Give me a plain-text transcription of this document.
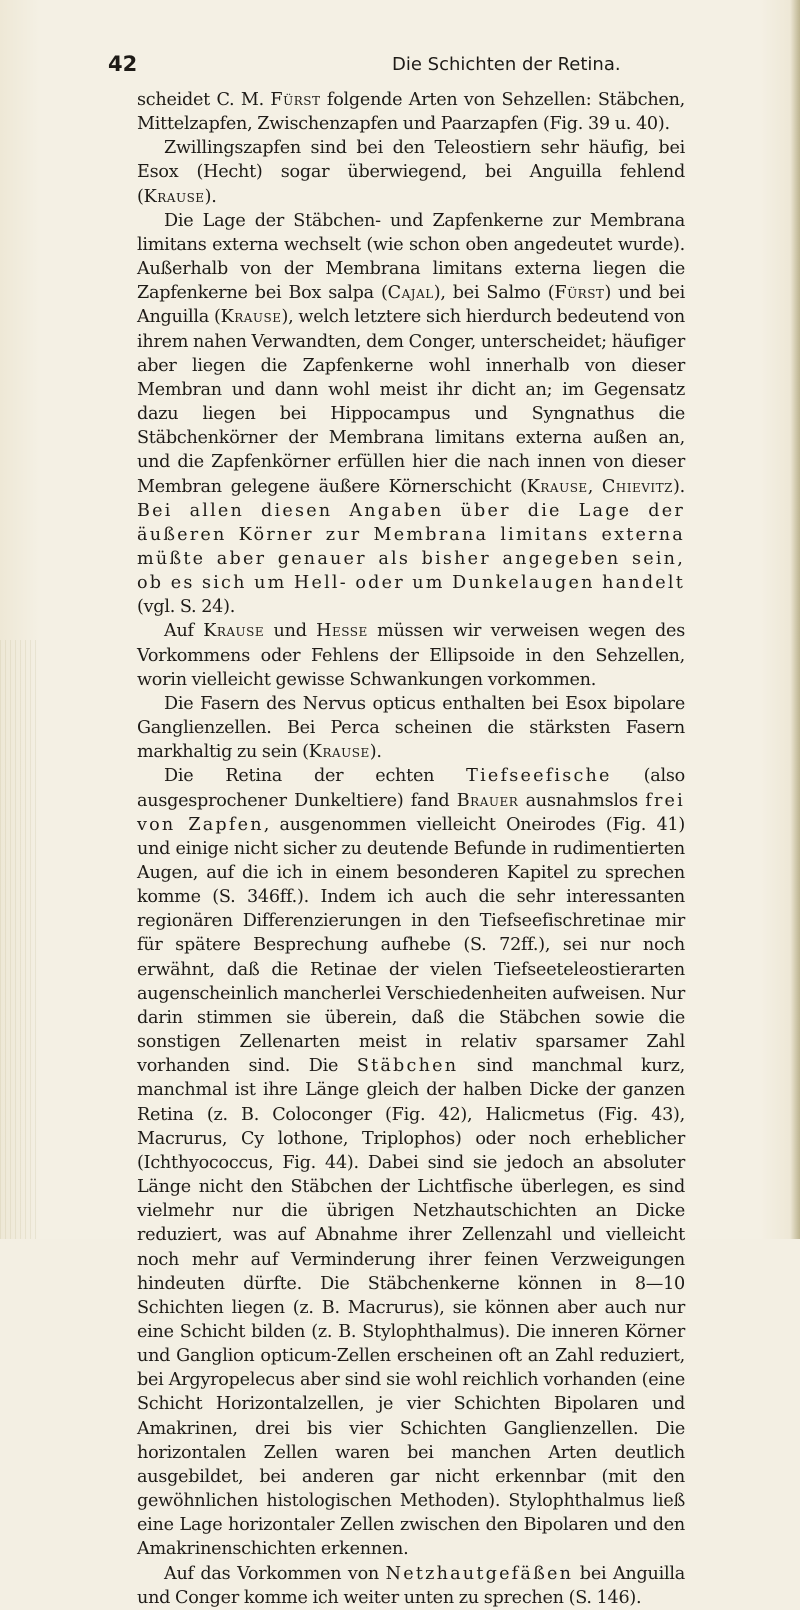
42	Die Schichten der Retina.

scheidet C. M. Fürst folgende Arten von Sehzellen: Stäbchen, Mittelzapfen, Zwischenzapfen und Paarzapfen (Fig. 39 u. 40).

Zwillingszapfen sind bei den Teleostiern sehr häufig, bei Esox (Hecht) sogar überwiegend, bei Anguilla fehlend (Krause).

Die Lage der Stäbchen- und Zapfenkerne zur Membrana limitans externa wechselt (wie schon oben angedeutet wurde). Außerhalb von der Membrana limitans externa liegen die Zapfenkerne bei Box salpa (Cajal), bei Salmo (Fürst) und bei Anguilla (Krause), welch letztere sich hierdurch bedeutend von ihrem nahen Verwandten, dem Conger, unterscheidet; häufiger aber liegen die Zapfenkerne wohl innerhalb von dieser Membran und dann wohl meist ihr dicht an; im Gegensatz dazu liegen bei Hippocampus und Syngnathus die Stäbchenkörner der Membrana limitans externa außen an, und die Zapfenkörner erfüllen hier die nach innen von dieser Membran gelegene äußere Körnerschicht (Krause, Chievitz). Bei allen diesen Angaben über die Lage der äußeren Körner zur Membrana limitans externa müßte aber genauer als bisher angegeben sein, ob es sich um Hell- oder um Dunkelaugen handelt (vgl. S. 24).

Auf Krause und Hesse müssen wir verweisen wegen des Vorkommens oder Fehlens der Ellipsoide in den Sehzellen, worin vielleicht gewisse Schwankungen vorkommen.

Die Fasern des Nervus opticus enthalten bei Esox bipolare Ganglienzellen. Bei Perca scheinen die stärksten Fasern markhaltig zu sein (Krause).

Die Retina der echten Tiefseefische (also ausgesprochener Dunkeltiere) fand Brauer ausnahmslos frei von Zapfen, ausgenommen vielleicht Oneirodes (Fig. 41) und einige nicht sicher zu deutende Befunde in rudimentierten Augen, auf die ich in einem besonderen Kapitel zu sprechen komme (S. 346ff.). Indem ich auch die sehr interessanten regionären Differenzierungen in den Tiefseefischretinae mir für spätere Besprechung aufhebe (S. 72ff.), sei nur noch erwähnt, daß die Retinae der vielen Tiefseeteleostierarten augenscheinlich mancherlei Verschiedenheiten aufweisen. Nur darin stimmen sie überein, daß die Stäbchen sowie die sonstigen Zellenarten meist in relativ sparsamer Zahl vorhanden sind. Die Stäbchen sind manchmal kurz, manchmal ist ihre Länge gleich der halben Dicke der ganzen Retina (z. B. Coloconger (Fig. 42), Halicmetus (Fig. 43), Macrurus, Cy lothone, Triplophos) oder noch erheblicher (Ichthyococcus, Fig. 44). Dabei sind sie jedoch an absoluter Länge nicht den Stäbchen der Lichtfische überlegen, es sind vielmehr nur die übrigen Netzhautschichten an Dicke reduziert, was auf Abnahme ihrer Zellenzahl und vielleicht noch mehr auf Verminderung ihrer feinen Verzweigungen hindeuten dürfte. Die Stäbchenkerne können in 8—10 Schichten liegen (z. B. Macrurus), sie können aber auch nur eine Schicht bilden (z. B. Stylophthalmus). Die inneren Körner und Ganglion opticum-Zellen erscheinen oft an Zahl reduziert, bei Argyropelecus aber sind sie wohl reichlich vorhanden (eine Schicht Horizontalzellen, je vier Schichten Bipolaren und Amakrinen, drei bis vier Schichten Ganglienzellen. Die horizontalen Zellen waren bei manchen Arten deutlich ausgebildet, bei anderen gar nicht erkennbar (mit den gewöhnlichen histologischen Methoden). Stylophthalmus ließ eine Lage horizontaler Zellen zwischen den Bipolaren und den Amakrinenschichten erkennen.

Auf das Vorkommen von Netzhautgefäßen bei Anguilla und Conger komme ich weiter unten zu sprechen (S. 146).
